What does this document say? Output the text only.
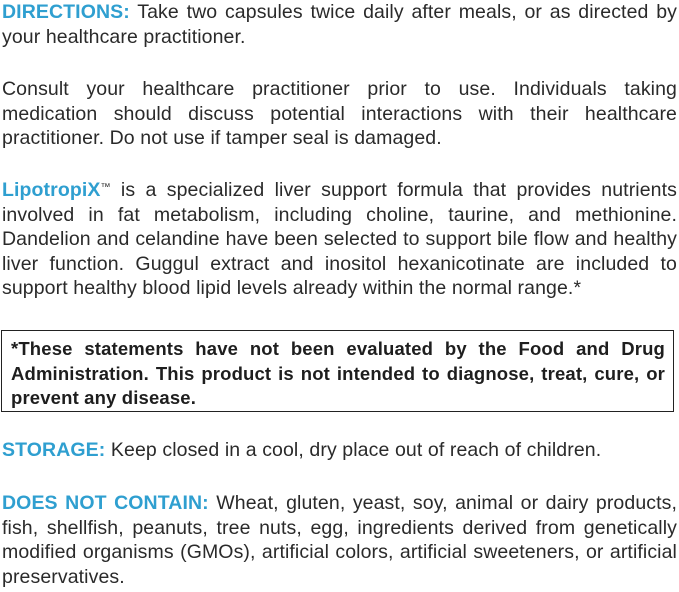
DIRECTIONS: Take two capsules twice daily after meals, or as directed by your healthcare practitioner.

Consult your healthcare practitioner prior to use. Individuals taking medication should discuss potential interactions with their healthcare practitioner. Do not use if tamper seal is damaged.

LipotropiX™ is a specialized liver support formula that provides nutrients involved in fat metabolism, including choline, taurine, and methionine. Dandelion and celandine have been selected to support bile flow and healthy liver function. Guggul extract and inositol hexanicotinate are included to support healthy blood lipid levels already within the normal range.*

*These statements have not been evaluated by the Food and Drug Administration. This product is not intended to diagnose, treat, cure, or prevent any disease.

STORAGE: Keep closed in a cool, dry place out of reach of children.

DOES NOT CONTAIN: Wheat, gluten, yeast, soy, animal or dairy products, fish, shellfish, peanuts, tree nuts, egg, ingredients derived from genetically modified organisms (GMOs), artificial colors, artificial sweeteners, or artificial preservatives.
